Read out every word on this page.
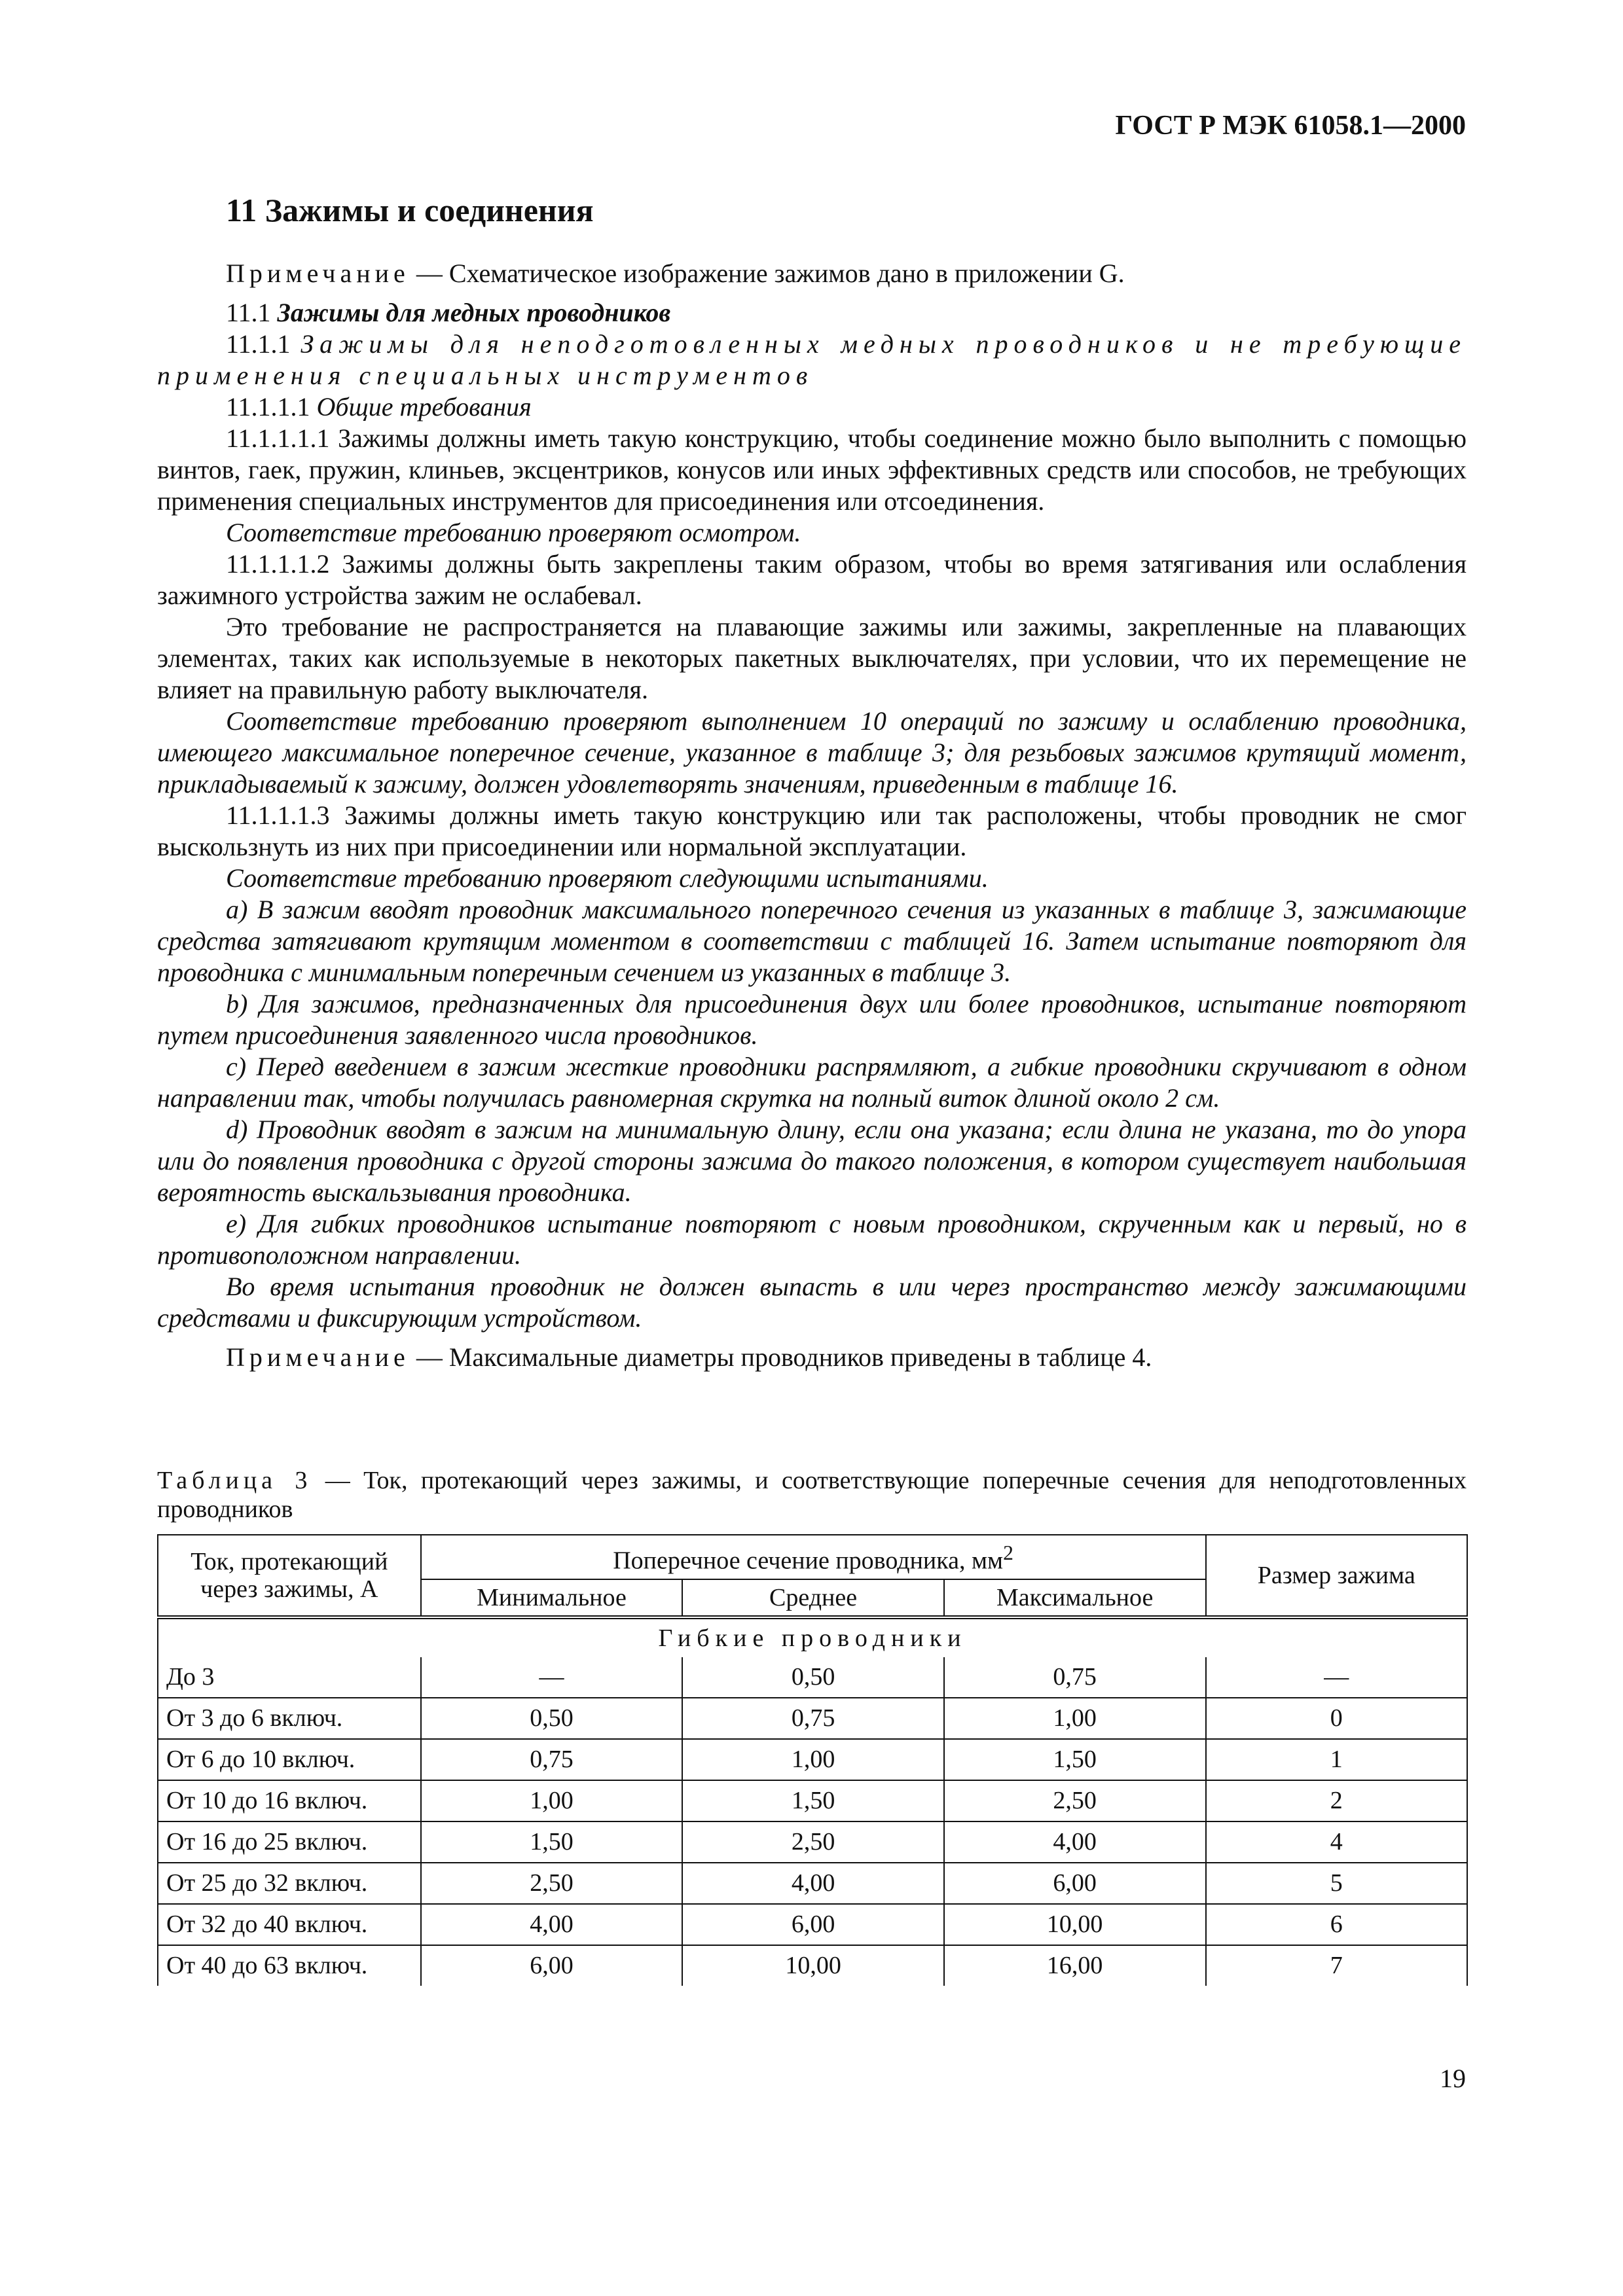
ГОСТ Р МЭК 61058.1—2000
11 Зажимы и соединения

Примечание — Схематическое изображение зажимов дано в приложении G.

11.1 Зажимы для медных проводников

11.1.1 Зажимы для неподготовленных медных проводников и не требующие применения специальных инструментов

11.1.1.1 Общие требования

11.1.1.1.1 Зажимы должны иметь такую конструкцию, чтобы соединение можно было выполнить с помощью винтов, гаек, пружин, клиньев, эксцентриков, конусов или иных эффективных средств или способов, не требующих применения специальных инструментов для присоединения или отсоединения.

Соответствие требованию проверяют осмотром.

11.1.1.1.2 Зажимы должны быть закреплены таким образом, чтобы во время затягивания или ослабления зажимного устройства зажим не ослабевал.

Это требование не распространяется на плавающие зажимы или зажимы, закрепленные на плавающих элементах, таких как используемые в некоторых пакетных выключателях, при условии, что их перемещение не влияет на правильную работу выключателя.

Соответствие требованию проверяют выполнением 10 операций по зажиму и ослаблению проводника, имеющего максимальное поперечное сечение, указанное в таблице 3; для резьбовых зажимов крутящий момент, прикладываемый к зажиму, должен удовлетворять значениям, приведенным в таблице 16.

11.1.1.1.3 Зажимы должны иметь такую конструкцию или так расположены, чтобы проводник не смог выскользнуть из них при присоединении или нормальной эксплуатации.

Соответствие требованию проверяют следующими испытаниями.

a) В зажим вводят проводник максимального поперечного сечения из указанных в таблице 3, зажимающие средства затягивают крутящим моментом в соответствии с таблицей 16. Затем испытание повторяют для проводника с минимальным поперечным сечением из указанных в таблице 3.

b) Для зажимов, предназначенных для присоединения двух или более проводников, испытание повторяют путем присоединения заявленного числа проводников.

c) Перед введением в зажим жесткие проводники распрямляют, а гибкие проводники скручивают в одном направлении так, чтобы получилась равномерная скрутка на полный виток длиной около 2 см.

d) Проводник вводят в зажим на минимальную длину, если она указана; если длина не указана, то до упора или до появления проводника с другой стороны зажима до такого положения, в котором существует наибольшая вероятность выскальзывания проводника.

e) Для гибких проводников испытание повторяют с новым проводником, скрученным как и первый, но в противоположном направлении.

Во время испытания проводник не должен выпасть в или через пространство между зажимающими средствами и фиксирующим устройством.

Примечание — Максимальные диаметры проводников приведены в таблице 4.

Таблица 3 — Ток, протекающий через зажимы, и соответствующие поперечные сечения для неподготовленных проводников
Ток, протекающий через зажимы, А	Поперечное сечение проводника, $мм^2$			Размер зажима
	Минимальное	Среднее	Максимальное	
Гибкие проводники				
До 3	—	0,50	0,75	—
От 3 до 6 включ.	0,50	0,75	1,00	0
От 6 до 10 включ.	0,75	1,00	1,50	1
От 10 до 16 включ.	1,00	1,50	2,50	2
От 16 до 25 включ.	1,50	2,50	4,00	4
От 25 до 32 включ.	2,50	4,00	6,00	5
От 32 до 40 включ.	4,00	6,00	10,00	6
От 40 до 63 включ.	6,00	10,00	16,00	7
19
